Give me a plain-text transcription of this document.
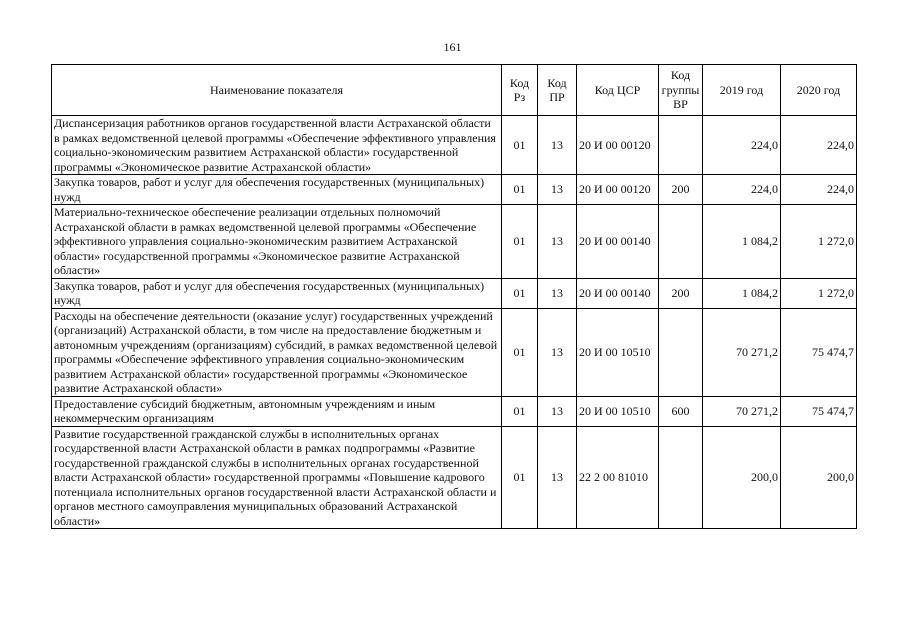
161
Наименование показателя	Код Рз	Код ПР	Код ЦСР	Код группы ВР	2019 год	2020 год
Диспансеризация работников органов государственной власти Астраханской области в рамках ведомственной целевой программы «Обеспечение эффективного управления социально-экономическим развитием Астраханской области» государственной программы «Экономическое развитие Астраханской области»	01	13	20 И 00 00120		224,0	224,0
Закупка товаров, работ и услуг для обеспечения государственных (муниципальных) нужд	01	13	20 И 00 00120	200	224,0	224,0
Материально-техническое обеспечение реализации отдельных полномочий Астраханской области в рамках ведомственной целевой программы «Обеспечение эффективного управления социально-экономическим развитием Астраханской области» государственной программы «Экономическое развитие Астраханской области»	01	13	20 И 00 00140		1 084,2	1 272,0
Закупка товаров, работ и услуг для обеспечения государственных (муниципальных) нужд	01	13	20 И 00 00140	200	1 084,2	1 272,0
Расходы на обеспечение деятельности (оказание услуг) государственных учреждений (организаций) Астраханской области, в том числе на предоставление бюджетным и автономным учреждениям (организациям) субсидий, в рамках ведомственной целевой программы «Обеспечение эффективного управления социально-экономическим развитием Астраханской области» государственной программы «Экономическое развитие Астраханской области»	01	13	20 И 00 10510		70 271,2	75 474,7
Предоставление субсидий бюджетным, автономным учреждениям и иным некоммерческим организациям	01	13	20 И 00 10510	600	70 271,2	75 474,7
Развитие государственной гражданской службы в исполнительных органах государственной власти Астраханской области в рамках подпрограммы «Развитие государственной гражданской службы в исполнительных органах государственной власти Астраханской области» государственной программы «Повышение кадрового потенциала исполнительных органов государственной власти Астраханской области и органов местного самоуправления муниципальных образований Астраханской области»	01	13	22 2 00 81010		200,0	200,0
